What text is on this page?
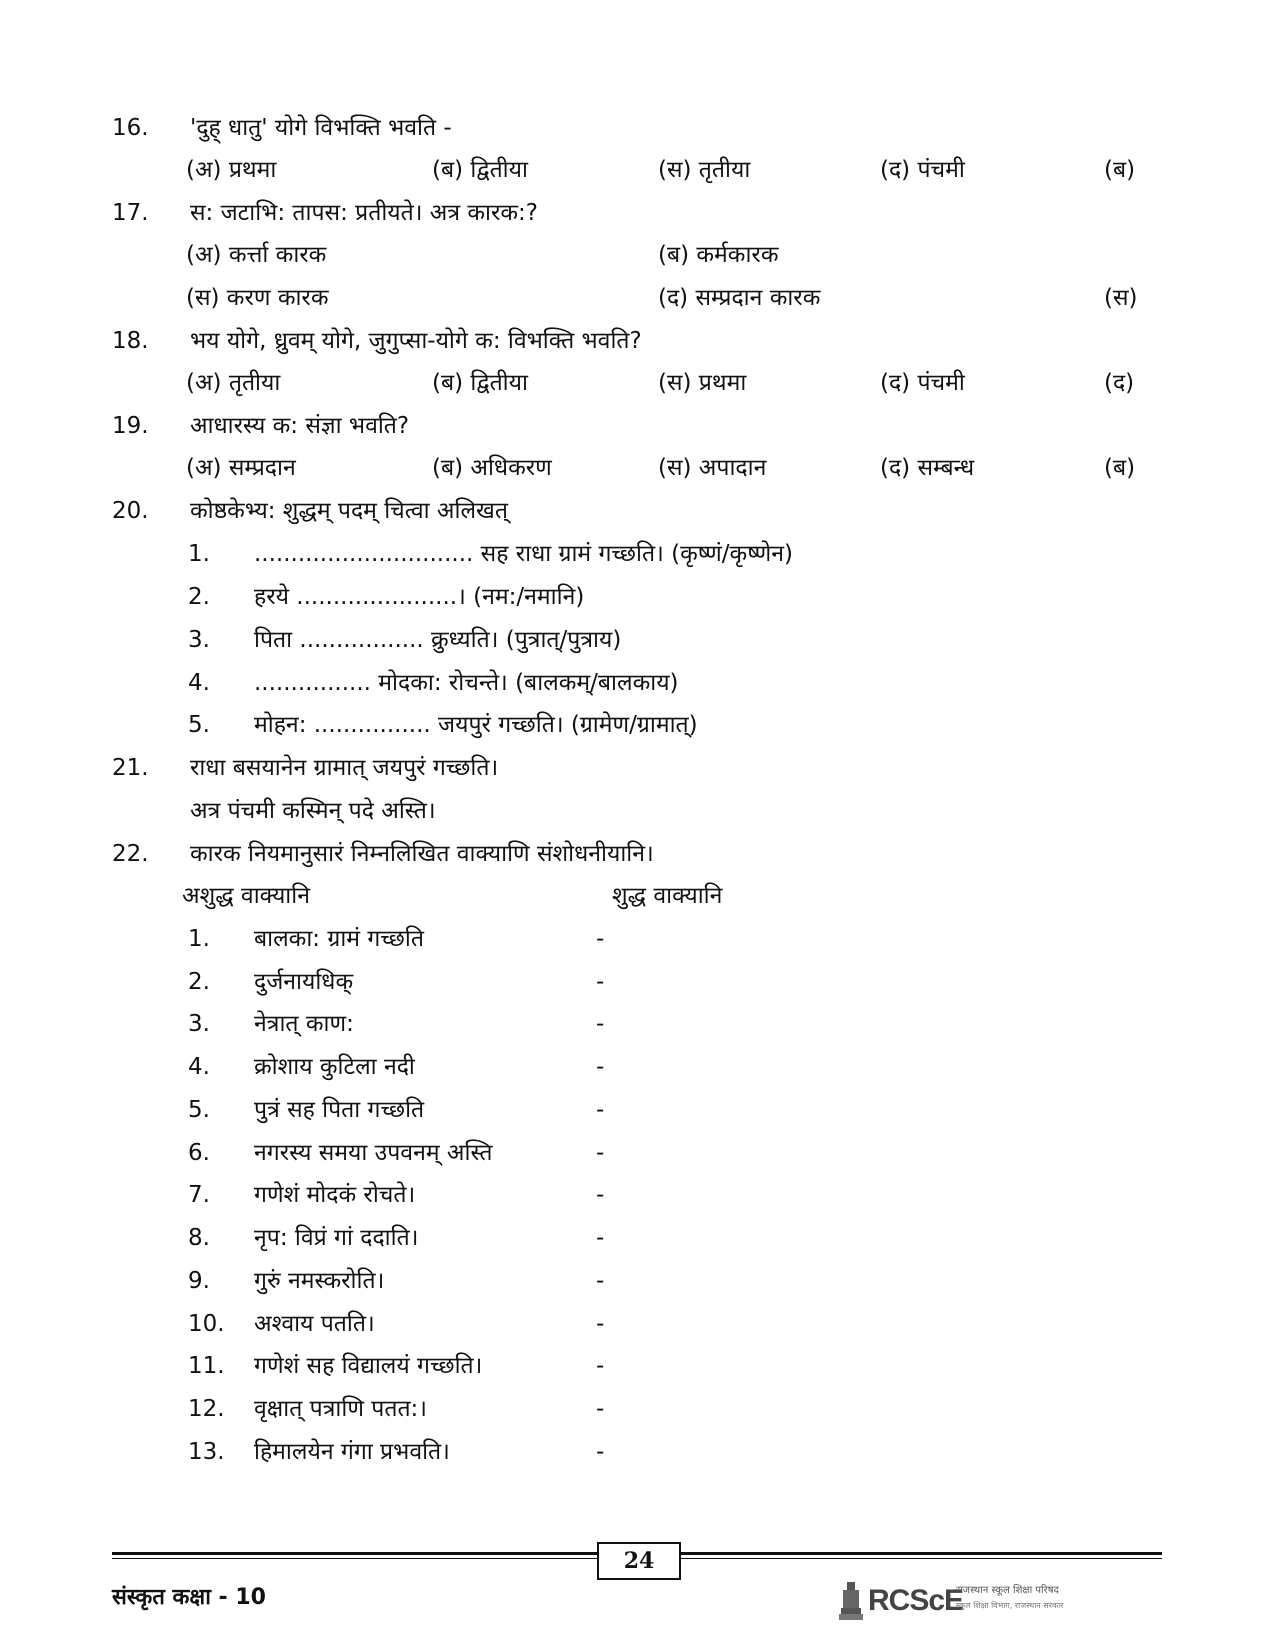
16.	'दुह् धातु' योगे विभक्ति भवति -
(अ) प्रथमा	(ब) द्वितीया	(स) तृतीया	(द) पंचमी	(ब)
17.	स: जटाभि: तापस: प्रतीयते। अत्र कारक:?
(अ) कर्त्ता कारक	(ब) कर्मकारक
(स) करण कारक	(द) सम्प्रदान कारक	(स)
18.	भय योगे, ध्रुवम् योगे, जुगुप्सा-योगे क: विभक्ति भवति?
(अ) तृतीया	(ब) द्वितीया	(स) प्रथमा	(द) पंचमी	(द)
19.	आधारस्य क: संज्ञा भवति?
(अ) सम्प्रदान	(ब) अधिकरण	(स) अपादान	(द) सम्बन्ध	(ब)
20.	कोष्ठकेभ्य: शुद्धम् पदम् चित्वा अलिखत्
1. .............................. सह राधा ग्रामं गच्छति। (कृष्णं/कृष्णेन)
2. हरये ......................। (नम:/नमानि)
3. पिता ................. क्रुध्यति। (पुत्रात्/पुत्राय)
4. ................ मोदका: रोचन्ते। (बालकम्/बालकाय)
5. मोहन: ................ जयपुरं गच्छति। (ग्रामेण/ग्रामात्)
21.	राधा बसयानेन ग्रामात् जयपुरं गच्छति।
अत्र पंचमी कस्मिन् पदे अस्ति।
22.	कारक नियमानुसारं निम्नलिखित वाक्याणि संशोधनीयानि।
अशुद्ध वाक्यानि	शुद्ध वाक्यानि
1. बालका: ग्रामं गच्छति	-
2. दुर्जनायधिक्	-
3. नेत्रात् काण:	-
4. क्रोशाय कुटिला नदी	-
5. पुत्रं सह पिता गच्छति	-
6. नगरस्य समया उपवनम् अस्ति	-
7. गणेशं मोदकं रोचते।	-
8. नृप: विप्रं गां ददाति।	-
9. गुरुं नमस्करोति।	-
10. अश्वाय पतति।	-
11. गणेशं सह विद्यालयं गच्छति।	-
12. वृक्षात् पत्राणि पतत:।	-
13. हिमालयेन गंगा प्रभवति।	-
24
संस्कृत कक्षा - 10	RCScE
राजस्थान स्कूल शिक्षा परिषद
स्कूल शिक्षा विभाग, राजस्थान सरकार
